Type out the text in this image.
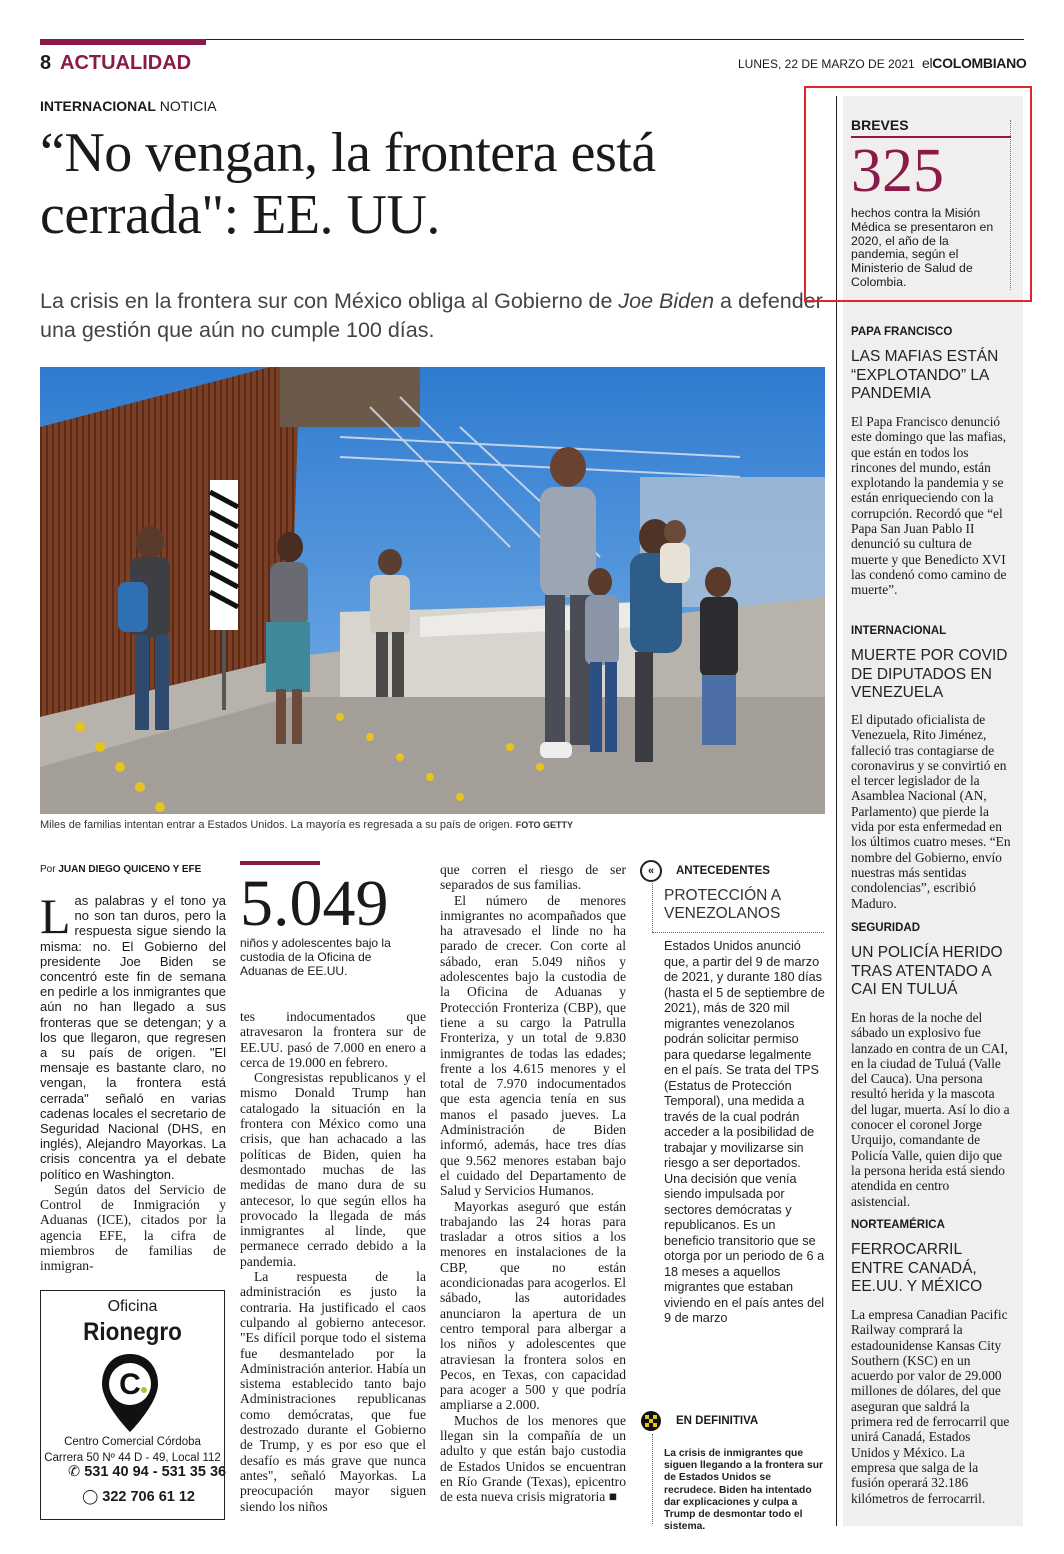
8 ACTUALIDAD	LUNES, 22 DE MARZO DE 2021 elCOLOMBIANO
INTERNACIONAL NOTICIA
“No vengan, la frontera está cerrada": EE. UU.
La crisis en la frontera sur con México obliga al Gobierno de Joe Biden a defender una gestión que aún no cumple 100 días.
Miles de familias intentan entrar a Estados Unidos. La mayoría es regresada a su país de origen. FOTO GETTY
Por JUAN DIEGO QUICENO Y EFE
L as palabras y el tono ya no son tan duros, pero la respuesta sigue siendo la misma: no. El Gobierno del presidente Joe Biden se concentró este fin de semana en pedirle a los inmigrantes que aún no han llegado a sus fronteras que se detengan; y a los que llegaron, que regresen a su país de origen. "El mensaje es bastante claro, no vengan, la frontera está cerrada" señaló en varias cadenas locales el secretario de Seguridad Nacional (DHS, en inglés), Alejandro Mayorkas. La crisis concentra ya el debate político en Washington.

Según datos del Servicio de Control de Inmigración y Aduanas (ICE), citados por la agencia EFE, la cifra de miembros de familias de inmigran-

5.049
niños y adolescentes bajo la custodia de la Oficina de Aduanas de EE.UU.

tes indocumentados que atravesaron la frontera sur de EE.UU. pasó de 7.000 en enero a cerca de 19.000 en febrero.

Congresistas republicanos y el mismo Donald Trump han catalogado la situación en la frontera con México como una crisis, que han achacado a las políticas de Biden, quien ha desmontado muchas de las medidas de mano dura de su antecesor, lo que según ellos ha provocado la llegada de más inmigrantes al linde, que permanece cerrado debido a la pandemia.

La respuesta de la administración es justo la contraria. Ha justificado el caos culpando al gobierno antecesor. "Es difícil porque todo el sistema fue desmantelado por la Administración anterior. Había un sistema establecido tanto bajo Administraciones republicanas como demócratas, que fue destrozado durante el Gobierno de Trump, y es por eso que el desafío es más grave que nunca antes", señaló Mayorkas. La preocupación mayor siguen siendo los niños

que corren el riesgo de ser separados de sus familias.

El número de menores inmigrantes no acompañados que ha atravesado el linde no ha parado de crecer. Con corte al sábado, eran 5.049 niños y adolescentes bajo la custodia de la Oficina de Aduanas y Protección Fronteriza (CBP), que tiene a su cargo la Patrulla Fronteriza, y un total de 9.830 inmigrantes de todas las edades; frente a los 4.615 menores y el total de 7.970 indocumentados que esta agencia tenía en sus manos el pasado jueves. La Administración de Biden informó, además, hace tres días que 9.562 menores estaban bajo el cuidado del Departamento de Salud y Servicios Humanos.

Mayorkas aseguró que están trabajando las 24 horas para trasladar a otros sitios a los menores en instalaciones de la CBP, que no están acondicionadas para acogerlos. El sábado, las autoridades anunciaron la apertura de un centro temporal para albergar a los niños y adolescentes que atraviesan la frontera solos en Pecos, en Texas, con capacidad para acoger a 500 y que podría ampliarse a 2.000.

Muchos de los menores que llegan sin la compañía de un adulto y que están bajo custodia de Estados Unidos se encuentran en Río Grande (Texas), epicentro de esta nueva crisis migratoria ■

«	ANTECEDENTES
PROTECCIÓN A VENEZOLANOS
Estados Unidos anunció que, a partir del 9 de marzo de 2021, y durante 180 días (hasta el 5 de septiembre de 2021), más de 320 mil migrantes venezolanos podrán solicitar permiso para quedarse legalmente en el país. Se trata del TPS (Estatus de Protección Temporal), una medida a través de la cual podrán acceder a la posibilidad de trabajar y movilizarse sin riesgo a ser deportados. Una decisión que venía siendo impulsada por sectores demócratas y republicanos. Es un beneficio transitorio que se otorga por un periodo de 6 a 18 meses a aquellos migrantes que estaban viviendo en el país antes del 9 de marzo
EN DEFINITIVA
La crisis de inmigrantes que siguen llegando a la frontera sur de Estados Unidos se recrudece. Biden ha intentado dar explicaciones y culpa a Trump de desmontar todo el sistema.
Oficina
Rionegro
C
Centro Comercial Córdoba
Carrera 50 Nº 44 D - 49, Local 112
✆ 531 40 94 - 531 35 36
◯ 322 706 61 12
BREVES
325
hechos contra la Misión Médica se presentaron en 2020, el año de la pandemia, según el Ministerio de Salud de Colombia.
PAPA FRANCISCO
LAS MAFIAS ESTÁN “EXPLOTANDO” LA PANDEMIA
El Papa Francisco denunció este domingo que las mafias, que están en todos los rincones del mundo, están explotando la pandemia y se están enriqueciendo con la corrupción. Recordó que “el Papa San Juan Pablo II denunció su cultura de muerte y que Benedicto XVI las condenó como camino de muerte”.
INTERNACIONAL
MUERTE POR COVID DE DIPUTADOS EN VENEZUELA
El diputado oficialista de Venezuela, Rito Jiménez, falleció tras contagiarse de coronavirus y se convirtió en el tercer legislador de la Asamblea Nacional (AN, Parlamento) que pierde la vida por esta enfermedad en los últimos cuatro meses. “En nombre del Gobierno, envío nuestras más sentidas condolencias”, escribió Maduro.
SEGURIDAD
UN POLICÍA HERIDO TRAS ATENTADO A CAI EN TULUÁ
En horas de la noche del sábado un explosivo fue lanzado en contra de un CAI, en la ciudad de Tuluá (Valle del Cauca). Una persona resultó herida y la mascota del lugar, muerta. Así lo dio a conocer el coronel Jorge Urquijo, comandante de Policía Valle, quien dijo que la persona herida está siendo atendida en centro asistencial.
NORTEAMÉRICA
FERROCARRIL ENTRE CANADÁ, EE.UU. Y MÉXICO
La empresa Canadian Pacific Railway comprará la estadounidense Kansas City Southern (KSC) en un acuerdo por valor de 29.000 millones de dólares, del que aseguran que saldrá la primera red de ferrocarril que unirá Canadá, Estados Unidos y México. La empresa que salga de la fusión operará 32.186 kilómetros de ferrocarril.
